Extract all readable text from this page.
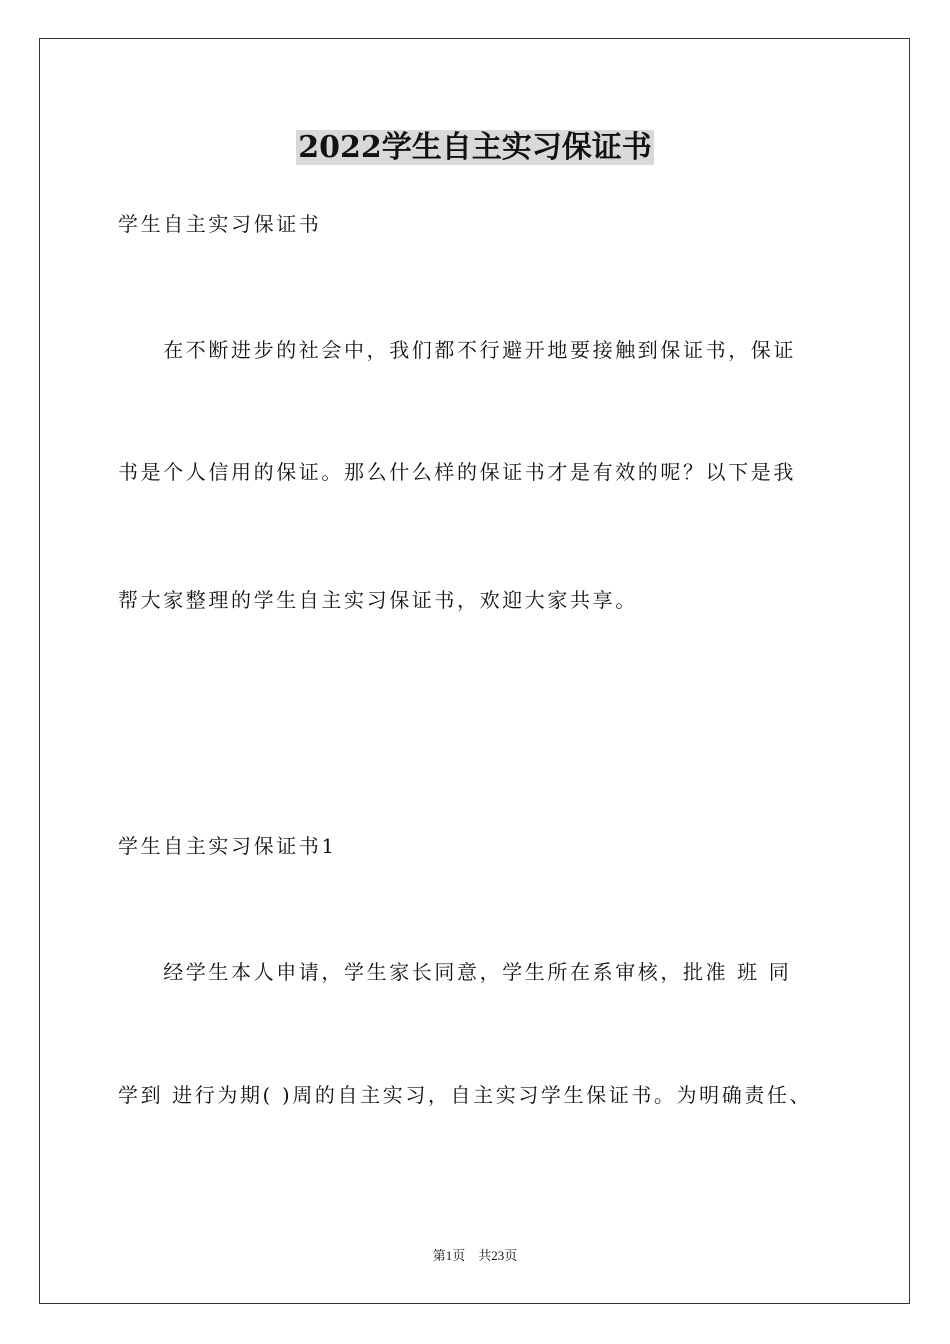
2022学生自主实习保证书
学生自主实习保证书
　　在不断进步的社会中，我们都不行避开地要接触到保证书，保证
书是个人信用的保证。那么什么样的保证书才是有效的呢？以下是我
帮大家整理的学生自主实习保证书，欢迎大家共享。
学生自主实习保证书1
　　经学生本人申请，学生家长同意，学生所在系审核，批准 班 同
学到 进行为期( )周的自主实习，自主实习学生保证书。为明确责任、
第1页　共23页
